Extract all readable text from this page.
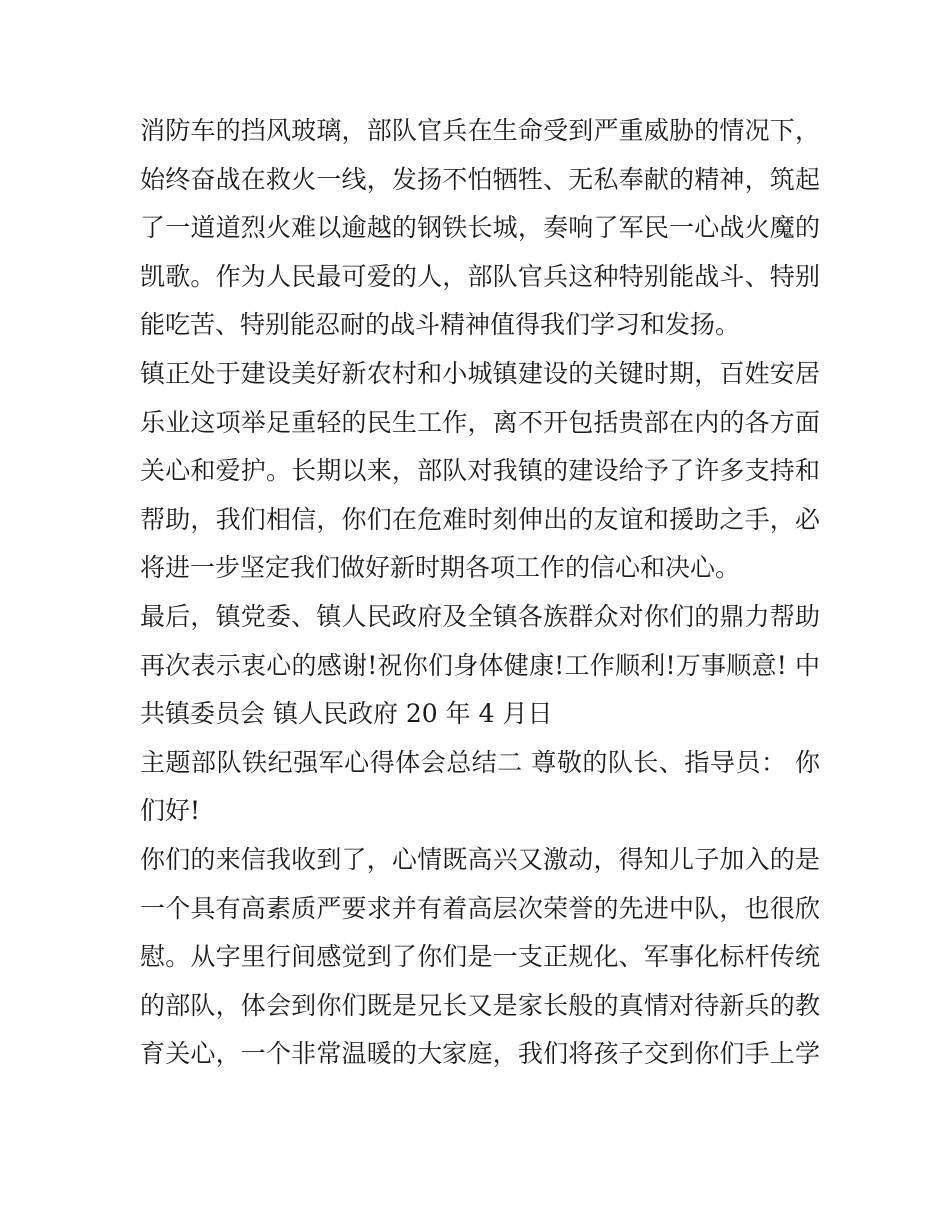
消防车的挡风玻璃，部队官兵在生命受到严重威胁的情况下，
始终奋战在救火一线，发扬不怕牺牲、无私奉献的精神，筑起
了一道道烈火难以逾越的钢铁长城，奏响了军民一心战火魔的
凯歌。作为人民最可爱的人，部队官兵这种特别能战斗、特别
能吃苦、特别能忍耐的战斗精神值得我们学习和发扬。
镇正处于建设美好新农村和小城镇建设的关键时期，百姓安居
乐业这项举足重轻的民生工作，离不开包括贵部在内的各方面
关心和爱护。长期以来，部队对我镇的建设给予了许多支持和
帮助，我们相信，你们在危难时刻伸出的友谊和援助之手，必
将进一步坚定我们做好新时期各项工作的信心和决心。
最后，镇党委、镇人民政府及全镇各族群众对你们的鼎力帮助
再次表示衷心的感谢!祝你们身体健康!工作顺利!万事顺意! 中
共镇委员会 镇人民政府 20 年 4 月日
主题部队铁纪强军心得体会总结二 尊敬的队长、指导员： 你
们好!
你们的来信我收到了，心情既高兴又激动，得知儿子加入的是
一个具有高素质严要求并有着高层次荣誉的先进中队，也很欣
慰。从字里行间感觉到了你们是一支正规化、军事化标杆传统
的部队，体会到你们既是兄长又是家长般的真情对待新兵的教
育关心，一个非常温暖的大家庭，我们将孩子交到你们手上学
